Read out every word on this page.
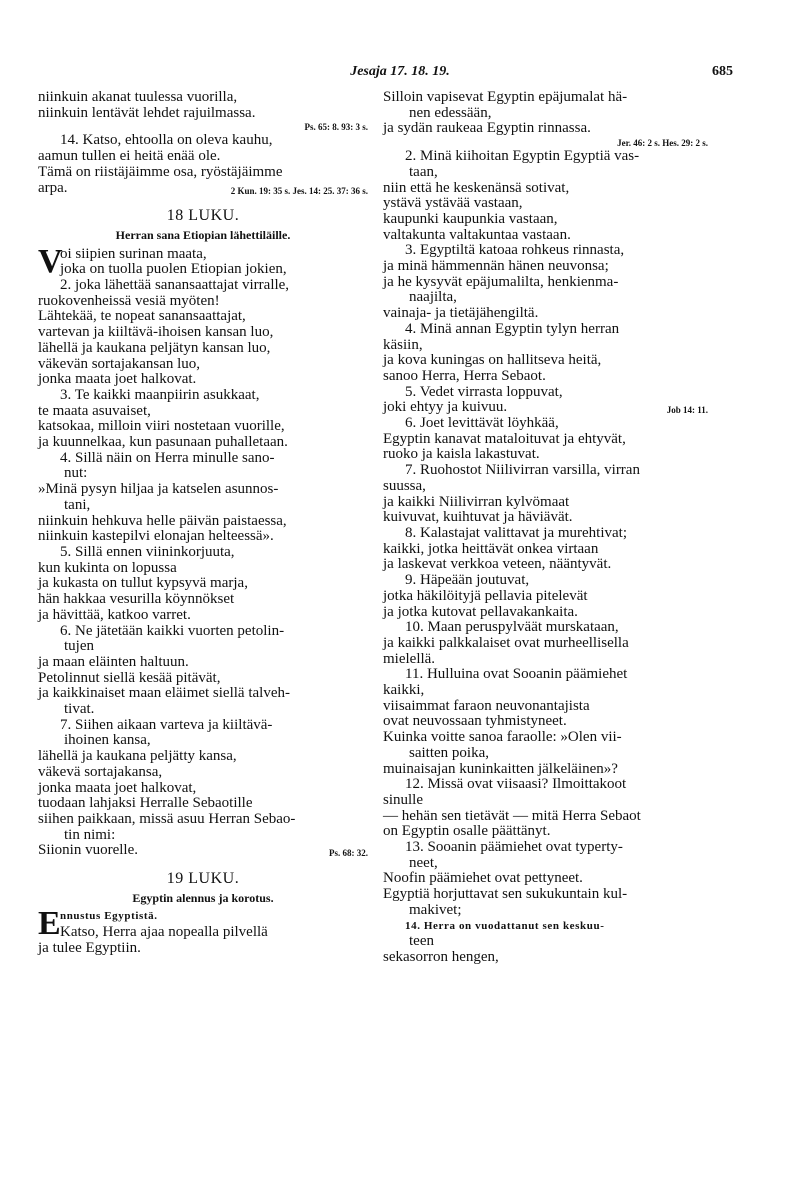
Jesaja 17. 18. 19.	685
niinkuin akanat tuulessa vuorilla,
niinkuin lentävät lehdet rajuilmassa.
Ps. 65: 8. 93: 3 s.
14. Katso, ehtoolla on oleva kauhu,
aamun tullen ei heitä enää ole.
Tämä on riistäjäimme osa, ryöstäjäimme
arpa.	2 Kun. 19: 35 s. Jes. 14: 25. 37: 36 s.
18 LUKU.
Herran sana Etiopian lähettiläille.
V
oi siipien surinan maata,
joka on tuolla puolen Etiopian jokien,
2. joka lähettää sanansaattajat virralle,
ruokovenheissä vesiä myöten!
Lähtekää, te nopeat sanansaattajat,
vartevan ja kiiltävä-ihoisen kansan luo,
lähellä ja kaukana peljätyn kansan luo,
väkevän sortajakansan luo,
jonka maata joet halkovat.
3. Te kaikki maanpiirin asukkaat,
te maata asuvaiset,
katsokaa, milloin viiri nostetaan vuorille,
ja kuunnelkaa, kun pasunaan puhalletaan.
4. Sillä näin on Herra minulle sano-
nut:
»Minä pysyn hiljaa ja katselen asunnos-
tani,
niinkuin hehkuva helle päivän paistaessa,
niinkuin kastepilvi elonajan helteessä».
5. Sillä ennen viininkorjuuta,
kun kukinta on lopussa
ja kukasta on tullut kypsyvä marja,
hän hakkaa vesurilla köynnökset
ja hävittää, katkoo varret.
6. Ne jätetään kaikki vuorten petolin-
tujen
ja maan eläinten haltuun.
Petolinnut siellä kesää pitävät,
ja kaikkinaiset maan eläimet siellä talveh-
tivat.
7. Siihen aikaan varteva ja kiiltävä-
ihoinen kansa,
lähellä ja kaukana peljätty kansa,
väkevä sortajakansa,
jonka maata joet halkovat,
tuodaan lahjaksi Herralle Sebaotille
siihen paikkaan, missä asuu Herran Sebao-
tin nimi:
Siionin vuorelle.	Ps. 68: 32.
19 LUKU.
Egyptin alennus ja korotus.
E nnustus Egyptistä.
Katso, Herra ajaa nopealla pilvellä
ja tulee Egyptiin.
Silloin vapisevat Egyptin epäjumalat hä-
nen edessään,
ja sydän raukeaa Egyptin rinnassa.
Jer. 46: 2 s. Hes. 29: 2 s.
2. Minä kiihoitan Egyptin Egyptiä vas-
taan,
niin että he keskenänsä sotivat,
ystävä ystävää vastaan,
kaupunki kaupunkia vastaan,
valtakunta valtakuntaa vastaan.
3. Egyptiltä katoaa rohkeus rinnasta,
ja minä hämmennän hänen neuvonsa;
ja he kysyvät epäjumalilta, henkienma-
naajilta,
vainaja- ja tietäjähengiltä.
4. Minä annan Egyptin tylyn herran
käsiin,
ja kova kuningas on hallitseva heitä,
sanoo Herra, Herra Sebaot.
5. Vedet virrasta loppuvat,
joki ehtyy ja kuivuu.	Job 14: 11.
6. Joet levittävät löyhkää,
Egyptin kanavat mataloituvat ja ehtyvät,
ruoko ja kaisla lakastuvat.
7. Ruohostot Niilivirran varsilla, virran
suussa,
ja kaikki Niilivirran kylvömaat
kuivuvat, kuihtuvat ja häviävät.
8. Kalastajat valittavat ja murehtivat;
kaikki, jotka heittävät onkea virtaan
ja laskevat verkkoa veteen, nääntyvät.
9. Häpeään joutuvat,
jotka häkilöityjä pellavia pitelevät
ja jotka kutovat pellavakankaita.
10. Maan peruspylväät murskataan,
ja kaikki palkkalaiset ovat murheellisella
mielellä.
11. Hulluina ovat Sooanin päämiehet
kaikki,
viisaimmat faraon neuvonantajista
ovat neuvossaan tyhmistyneet.
Kuinka voitte sanoa faraolle: »Olen vii-
saitten poika,
muinaisajan kuninkaitten jälkeläinen»?
12. Missä ovat viisaasi? Ilmoittakoot
sinulle
— hehän sen tietävät — mitä Herra Sebaot
on Egyptin osalle päättänyt.
13. Sooanin päämiehet ovat typerty-
neet,
Noofin päämiehet ovat pettyneet.
Egyptiä horjuttavat sen sukukuntain kul-
makivet;
14. Herra on vuodattanut sen keskuu-
teen
sekasorron hengen,
